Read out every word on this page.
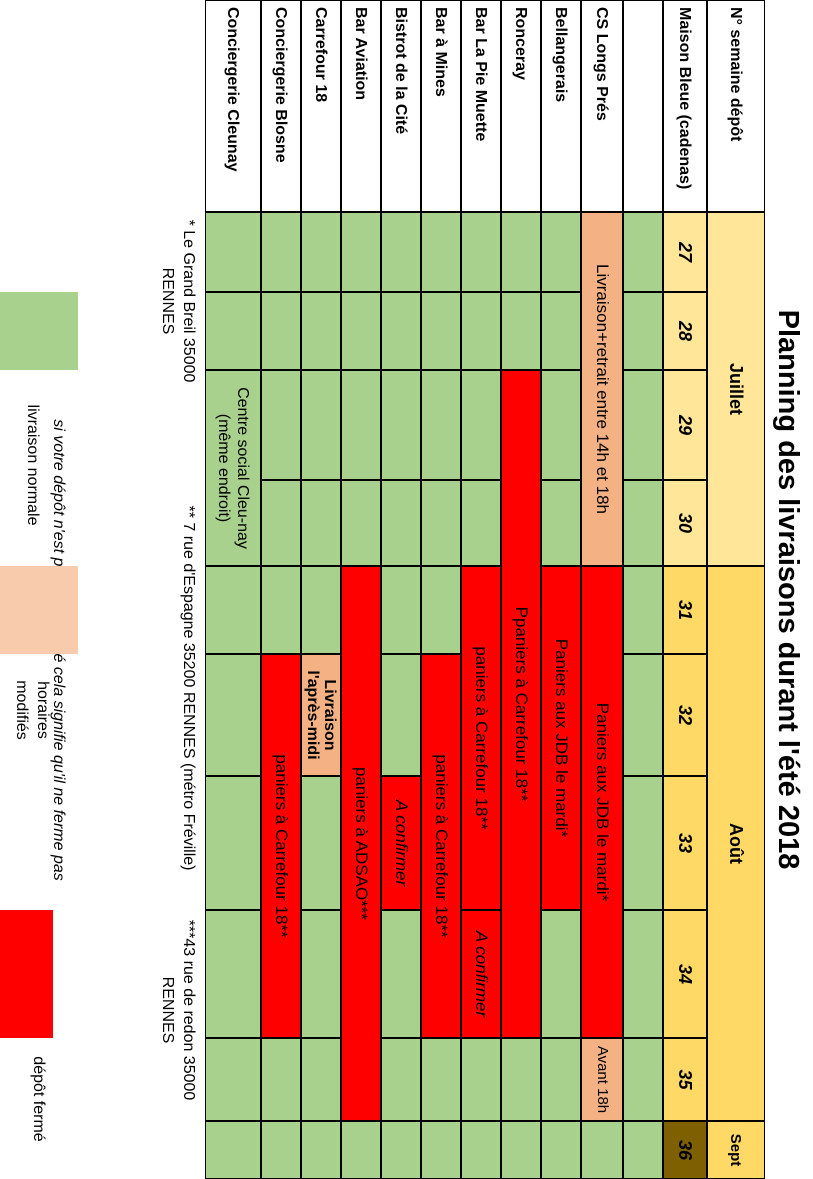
Planning des livraisons durant l'été 2018
N° semaine dépôt
Juillet
Août
Sept
Maison Bleue (cadenas)
27
28
29
30
31
32
33
34
35
36
CS Longs Prés
Bellangerais
Ronceray
Bar La Pie Muette
Bar à Mines
Bistrot de la Cité
Bar Aviation
Carrefour 18
Conciergerie Blosne
Conciergerie Cleunay
Livraison+retrait entre 14h et 18h
Paniers aux JDB le mardi*
Avant 18h
Paniers aux JDB le mardi*
Ppaniers à Carrefour 18**
paniers à Carrefour 18**
A confirmer
paniers à Carrefour 18**
A confirmer
paniers à ADSAO***
Livraison l'après-midi
paniers à Carrefour 18**
Centre social Cleu-nay (même endroit)
* Le Grand Breil 35000 RENNES
** 7 rue d'Espagne 35200 RENNES (métro Fréville)
***43 rue de redon 35000 RENNES
livraison normale
horaires modifiés
dépôt fermé
